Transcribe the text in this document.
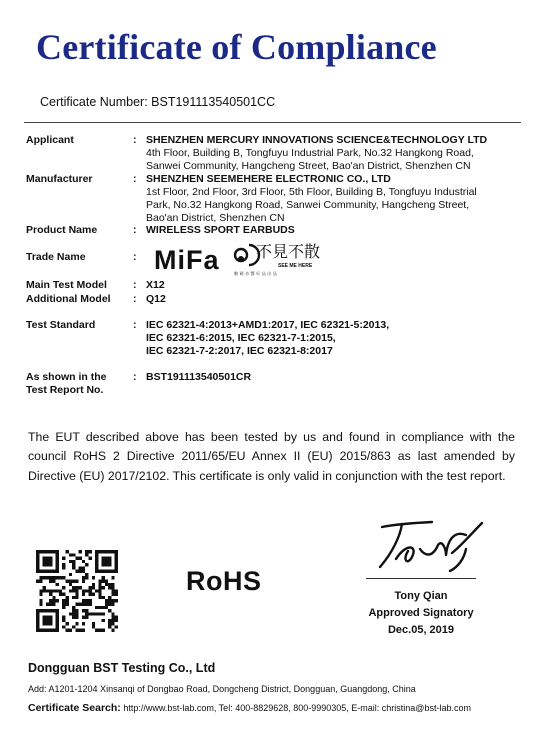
Certificate of Compliance
Certificate Number: BST191113540501CC
Applicant	: SHENZHEN MERCURY INNOVATIONS SCIENCE&TECHNOLOGY LTD
4th Floor, Building B, Tongfuyu Industrial Park, No.32 Hangkong Road,
Sanwei Community, Hangcheng Street, Bao'an District, Shenzhen CN
Manufacturer	: SHENZHEN SEEMEHERE ELECTRONIC CO., LTD
1st Floor, 2nd Floor, 3rd Floor, 5th Floor, Building B, Tongfuyu Industrial
Park, No.32 Hangkong Road, Sanwei Community, Hangcheng Street,
Bao'an District, Shenzhen CN
Product Name	: WIRELESS SPORT EARBUDS
Trade Name	: MiFa 不見不散
SEE ME HERE
數 碼 音 響 好 品 出 品
Main Test Model : X12
Additional Model : Q12
Test Standard	: IEC 62321-4:2013+AMD1:2017, IEC 62321-5:2013,
IEC 62321-6:2015, IEC 62321-7-1:2015,
IEC 62321-7-2:2017, IEC 62321-8:2017
As shown in the
Test Report No.
: BST191113540501CR
The EUT described above has been tested by us and found in compliance with the council RoHS 2 Directive 2011/65/EU Annex II (EU) 2015/863 as last amended by Directive (EU) 2017/2102. This certificate is only valid in conjunction with the test report.
RoHS	Tony Qian
Approved Signatory
Dec.05, 2019
Dongguan BST Testing Co., Ltd
Add: A1201-1204 Xinsanqi of Dongbao Road, Dongcheng District, Dongguan, Guangdong, China
Certificate Search: http://www.bst-lab.com, Tel: 400-8829628, 800-9990305, E-mail: christina@bst-lab.com
